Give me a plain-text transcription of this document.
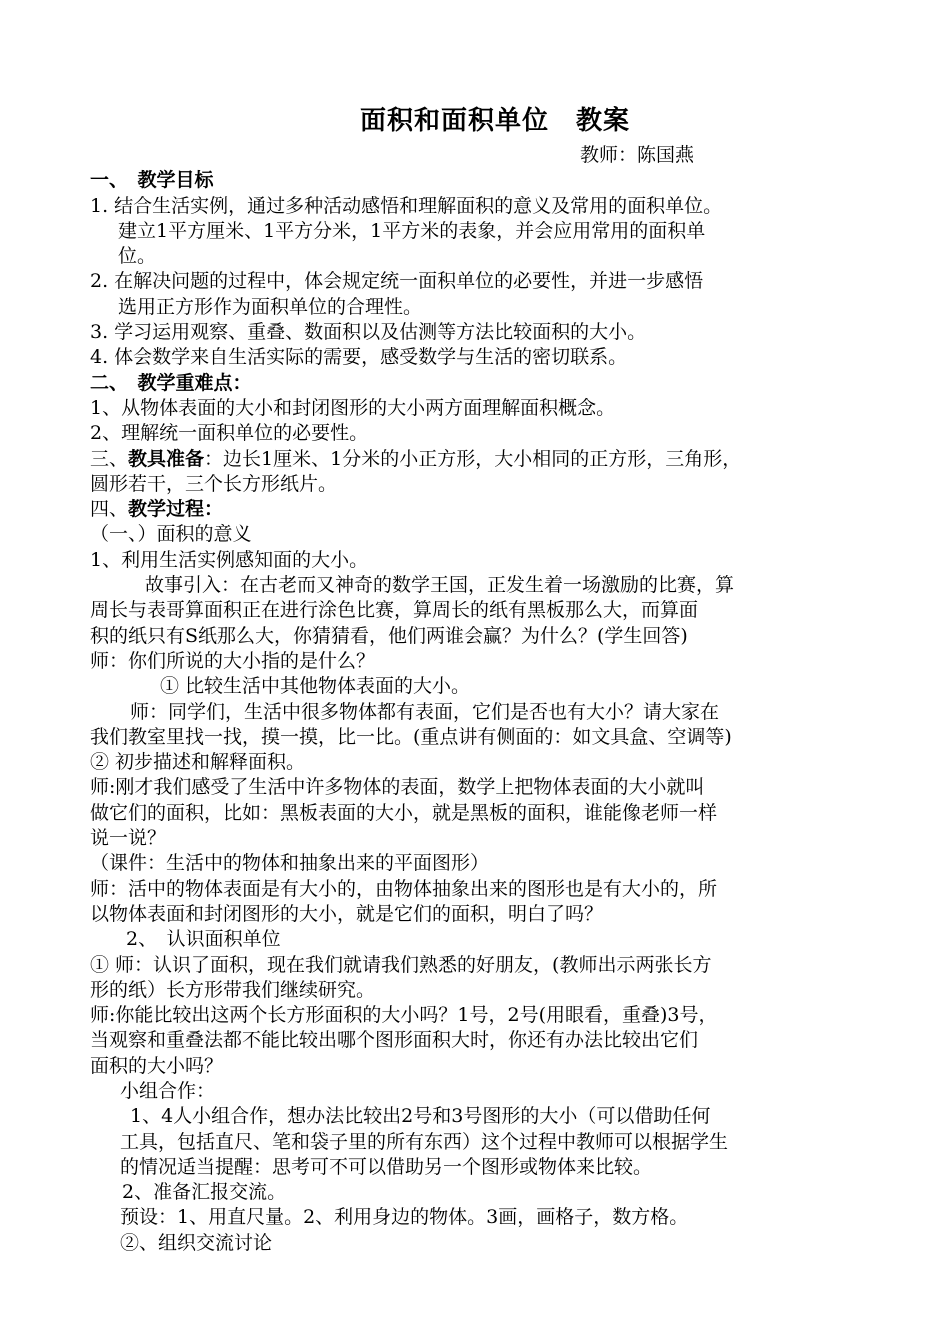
面积和面积单位　教案
教师：陈国燕
一、　教学目标
1. 结合生活实例，通过多种活动感悟和理解面积的意义及常用的面积单位。
建立1平方厘米、1平方分米，1平方米的表象，并会应用常用的面积单
位。
2. 在解决问题的过程中，体会规定统一面积单位的必要性，并进一步感悟
选用正方形作为面积单位的合理性。
3. 学习运用观察、重叠、数面积以及估测等方法比较面积的大小。
4. 体会数学来自生活实际的需要，感受数学与生活的密切联系。
二、　教学重难点：
1、从物体表面的大小和封闭图形的大小两方面理解面积概念。
2、理解统一面积单位的必要性。
三、教具准备：边长1厘米、1分米的小正方形，大小相同的正方形，三角形，
圆形若干，三个长方形纸片。
四、教学过程：
（一、）面积的意义
1、利用生活实例感知面的大小。
故事引入：在古老而又神奇的数学王国，正发生着一场激励的比赛，算
周长与表哥算面积正在进行涂色比赛，算周长的纸有黑板那么大，而算面
积的纸只有S纸那么大，你猜猜看，他们两谁会赢？为什么？(学生回答)
师：你们所说的大小指的是什么？
① 比较生活中其他物体表面的大小。
师：同学们，生活中很多物体都有表面，它们是否也有大小？请大家在
我们教室里找一找，摸一摸，比一比。(重点讲有侧面的：如文具盒、空调等)
② 初步描述和解释面积。
师:刚才我们感受了生活中许多物体的表面，数学上把物体表面的大小就叫
做它们的面积，比如：黑板表面的大小，就是黑板的面积，谁能像老师一样
说一说？
（课件：生活中的物体和抽象出来的平面图形）
师：活中的物体表面是有大小的，由物体抽象出来的图形也是有大小的，所
以物体表面和封闭图形的大小，就是它们的面积，明白了吗？
2、　认识面积单位
① 师：认识了面积，现在我们就请我们熟悉的好朋友，(教师出示两张长方
形的纸）长方形带我们继续研究。
师:你能比较出这两个长方形面积的大小吗？1号，2号(用眼看，重叠)3号，
当观察和重叠法都不能比较出哪个图形面积大时，你还有办法比较出它们
面积的大小吗？
小组合作：
1、4人小组合作，想办法比较出2号和3号图形的大小（可以借助任何
工具，包括直尺、笔和袋子里的所有东西）这个过程中教师可以根据学生
的情况适当提醒：思考可不可以借助另一个图形或物体来比较。
2、准备汇报交流。
预设：1、用直尺量。2、利用身边的物体。3画，画格子，数方格。
②、组织交流讨论
